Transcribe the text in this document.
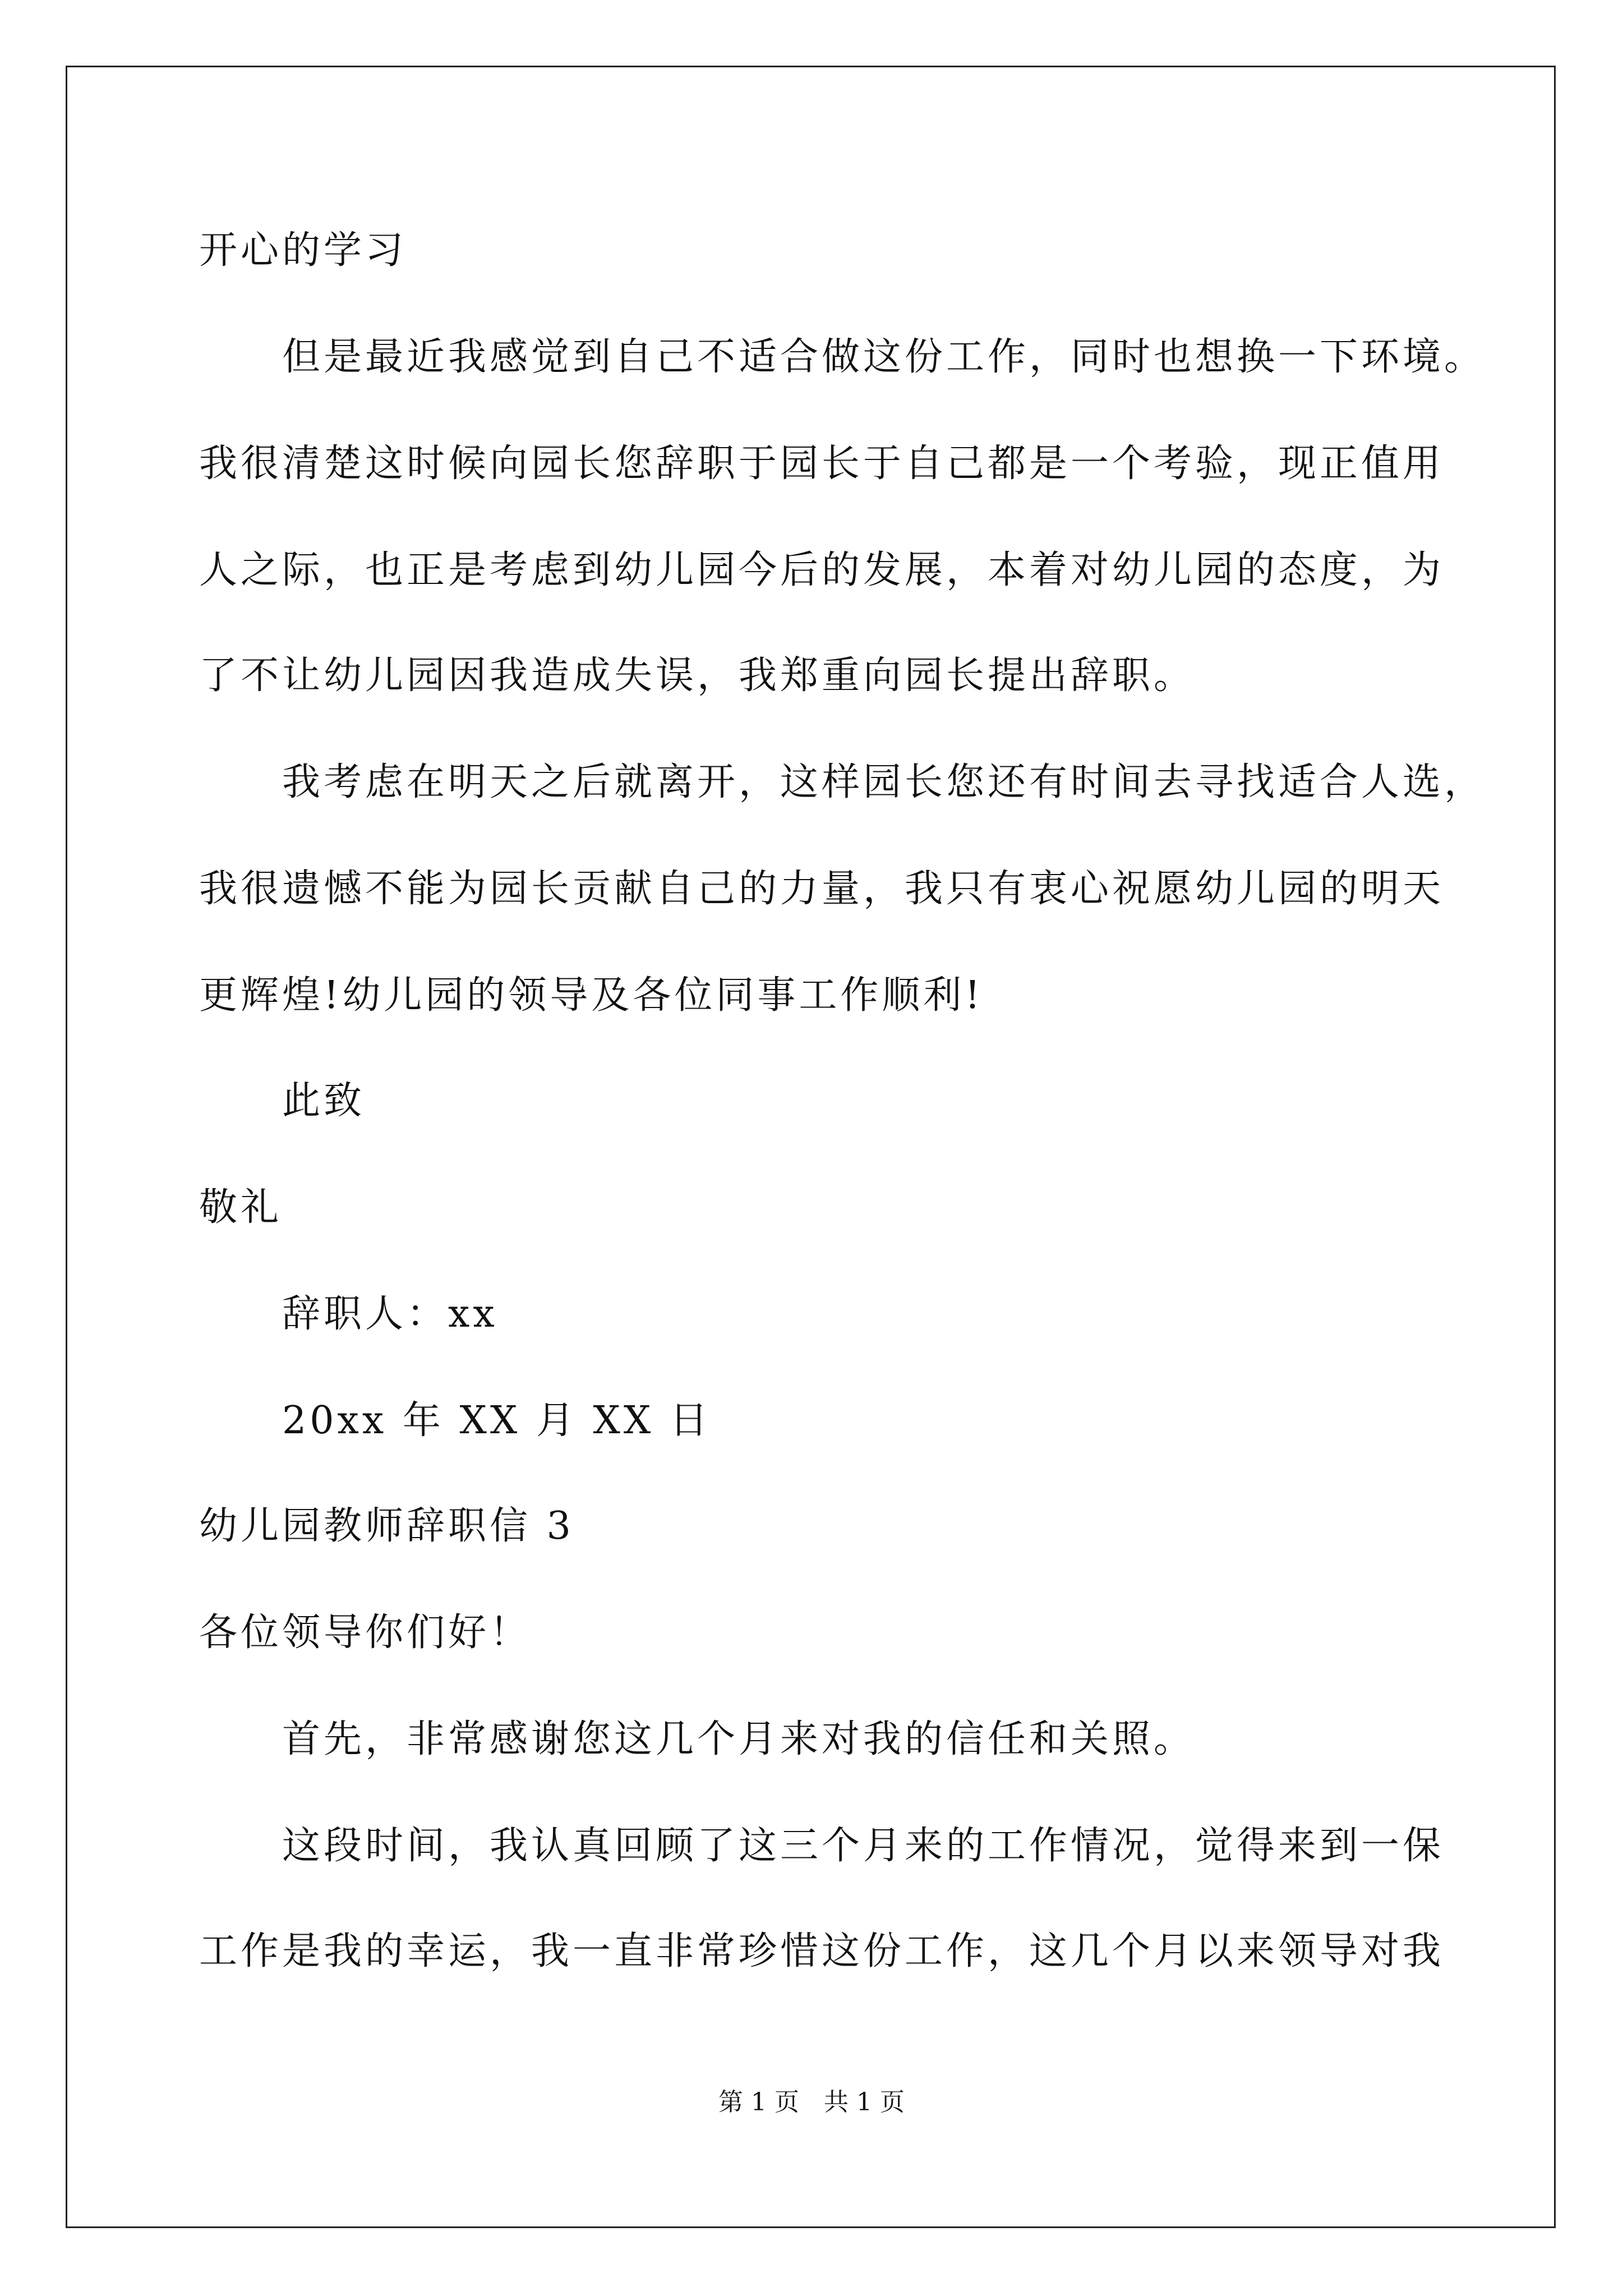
开心的学习
但是最近我感觉到自己不适合做这份工作，同时也想换一下环境。
我很清楚这时候向园长您辞职于园长于自己都是一个考验，现正值用
人之际，也正是考虑到幼儿园今后的发展，本着对幼儿园的态度，为
了不让幼儿园因我造成失误，我郑重向园长提出辞职。
我考虑在明天之后就离开，这样园长您还有时间去寻找适合人选，
我很遗憾不能为园长贡献自己的力量，我只有衷心祝愿幼儿园的明天
更辉煌!幼儿园的领导及各位同事工作顺利!
此致
敬礼
辞职人：xx
20xx 年 XX 月 XX 日
幼儿园教师辞职信 3
各位领导你们好！
首先，非常感谢您这几个月来对我的信任和关照。
这段时间，我认真回顾了这三个月来的工作情况，觉得来到一保
工作是我的幸运，我一直非常珍惜这份工作，这几个月以来领导对我
第 1 页　共 1 页
